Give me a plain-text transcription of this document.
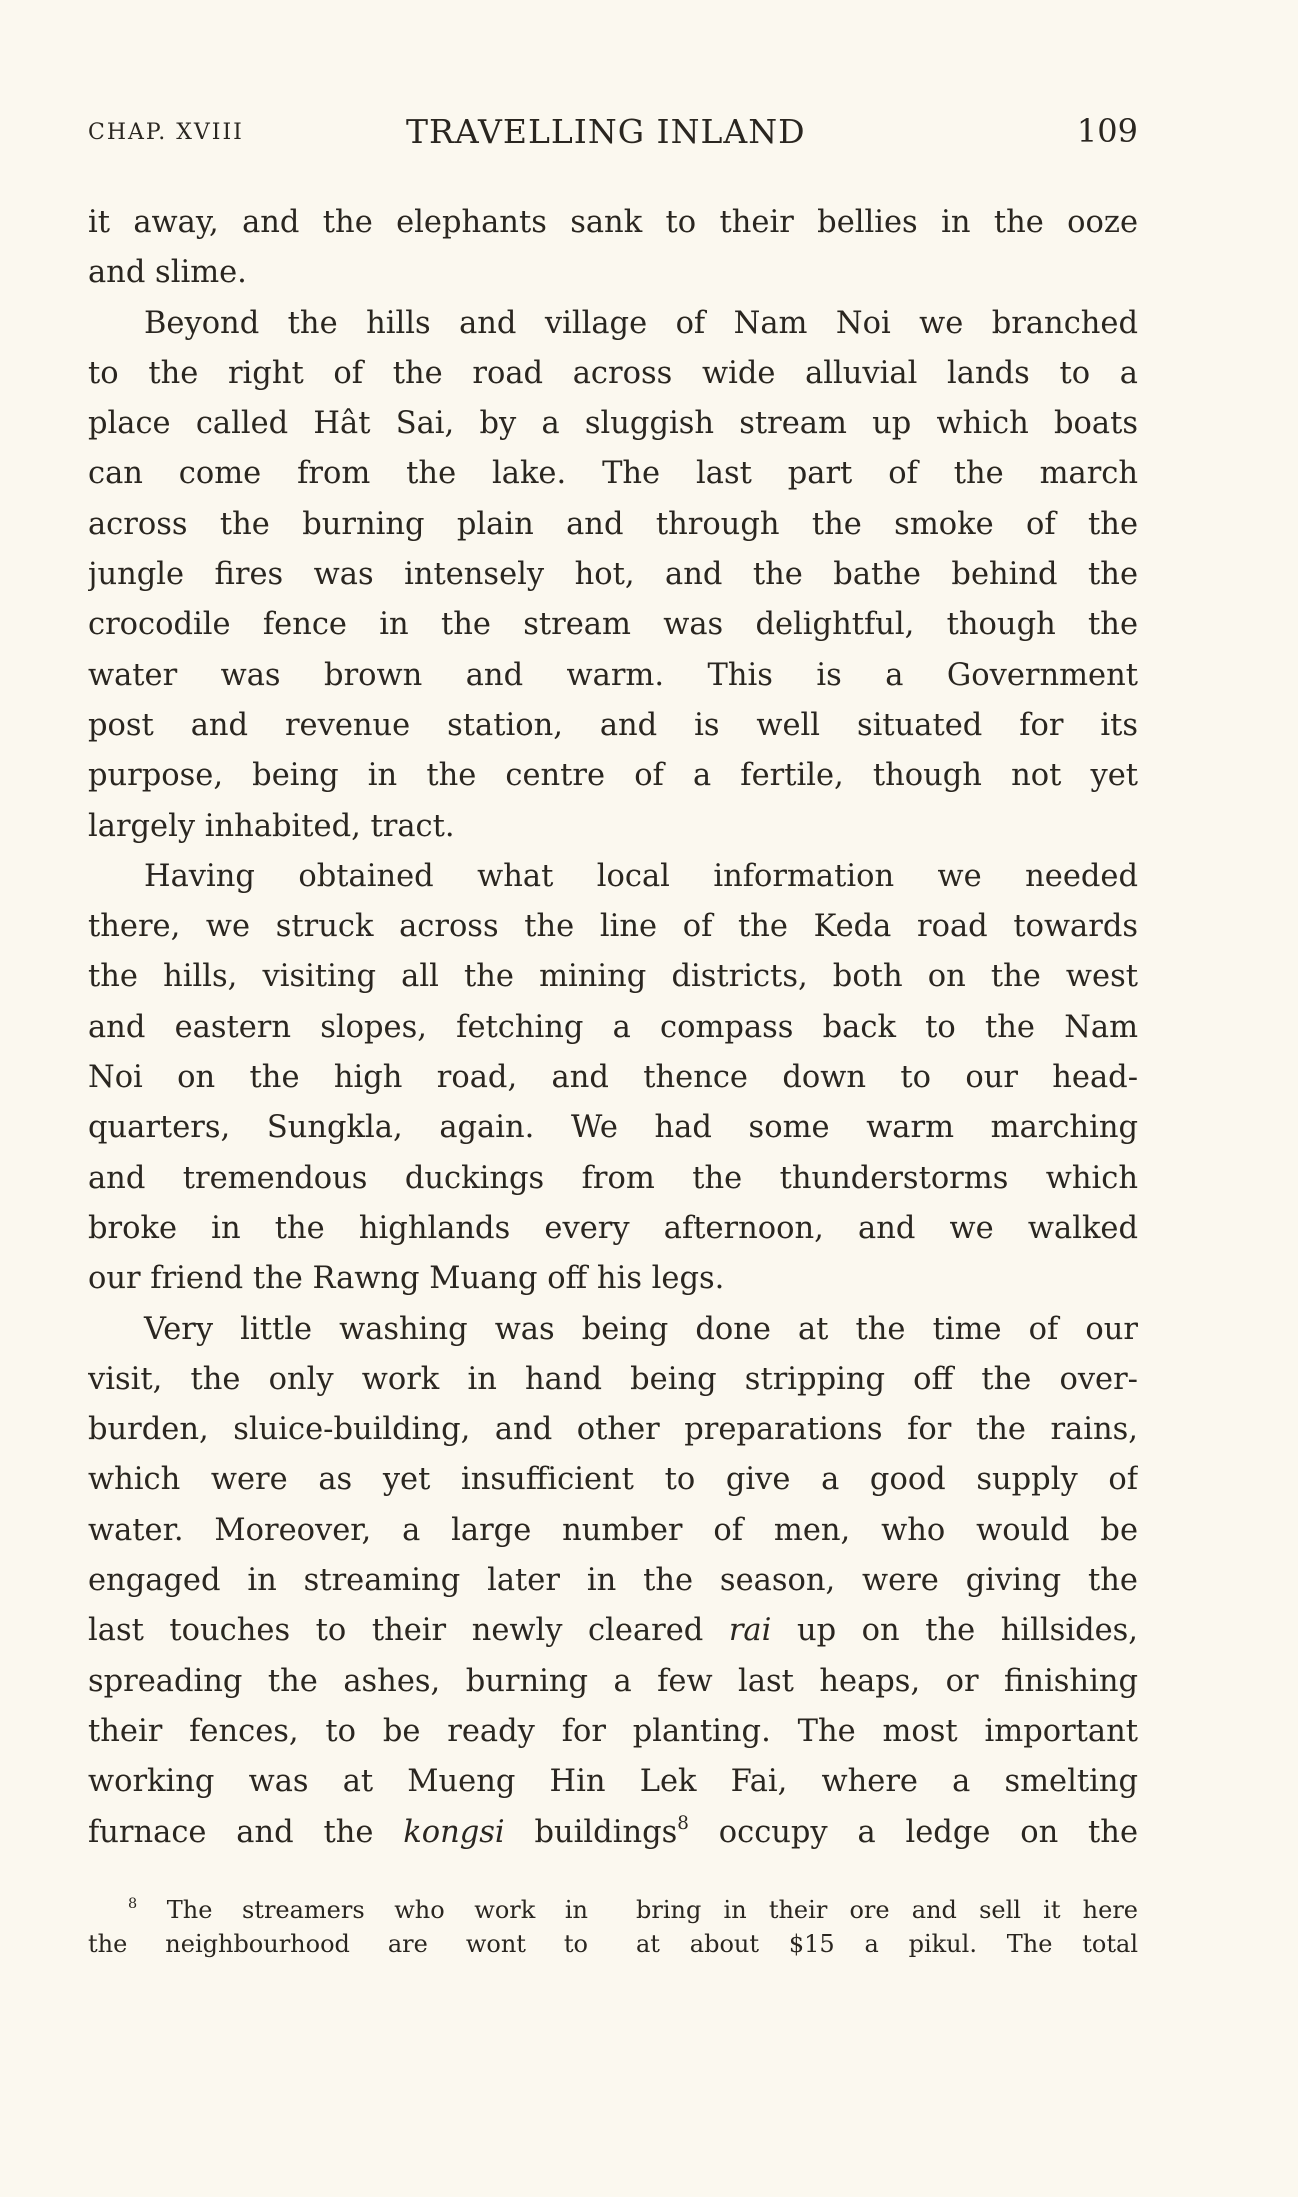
CHAP. XVIII	TRAVELLING INLAND	109
it away, and the elephants sank to their bellies in the ooze
and slime.
Beyond the hills and village of Nam Noi we branched
to the right of the road across wide alluvial lands to a
place called Hât Sai, by a sluggish stream up which boats
can come from the lake. The last part of the march
across the burning plain and through the smoke of the
jungle fires was intensely hot, and the bathe behind the
crocodile fence in the stream was delightful, though the
water was brown and warm. This is a Government
post and revenue station, and is well situated for its
purpose, being in the centre of a fertile, though not yet
largely inhabited, tract.
Having obtained what local information we needed
there, we struck across the line of the Keda road towards
the hills, visiting all the mining districts, both on the west
and eastern slopes, fetching a compass back to the Nam
Noi on the high road, and thence down to our head-
quarters, Sungkla, again. We had some warm marching
and tremendous duckings from the thunderstorms which
broke in the highlands every afternoon, and we walked
our friend the Rawng Muang off his legs.
Very little washing was being done at the time of our
visit, the only work in hand being stripping off the over-
burden, sluice-building, and other preparations for the rains,
which were as yet insufficient to give a good supply of
water. Moreover, a large number of men, who would be
engaged in streaming later in the season, were giving the
last touches to their newly cleared rai up on the hillsides,
spreading the ashes, burning a few last heaps, or finishing
their fences, to be ready for planting. The most important
working was at Mueng Hin Lek Fai, where a smelting
furnace and the kongsi buildings$^8$ occupy a ledge on the
$^8$ The streamers who work in
the neighbourhood are wont to
bring in their ore and sell it here
at about $15 a pikul. The total
